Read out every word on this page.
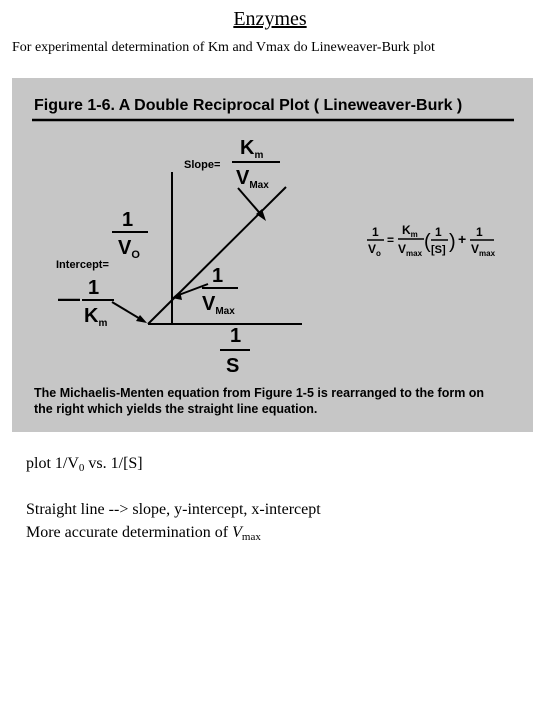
Enzymes
For experimental determination of Km and Vmax do Lineweaver-Burk plot
Figure 1-6. A Double Reciprocal Plot ( Lineweaver-Burk )
Slope=
$K_m$
$V_{Max}$
1
$V_O$
Intercept=
— 1
$K_m$
1
$V_{Max}$
1
S
1
$V_o$
=
$K_m$
$V_{max}$
( 1
[S] ) + 1
$V_{max}$
The Michaelis-Menten equation from Figure 1-5 is rearranged to the form on
the right which yields the straight line equation.

plot $1/V_0$ vs. 1/[S]

Straight line --> slope, y-intercept, x-intercept

More accurate determination of $V_{max}$
